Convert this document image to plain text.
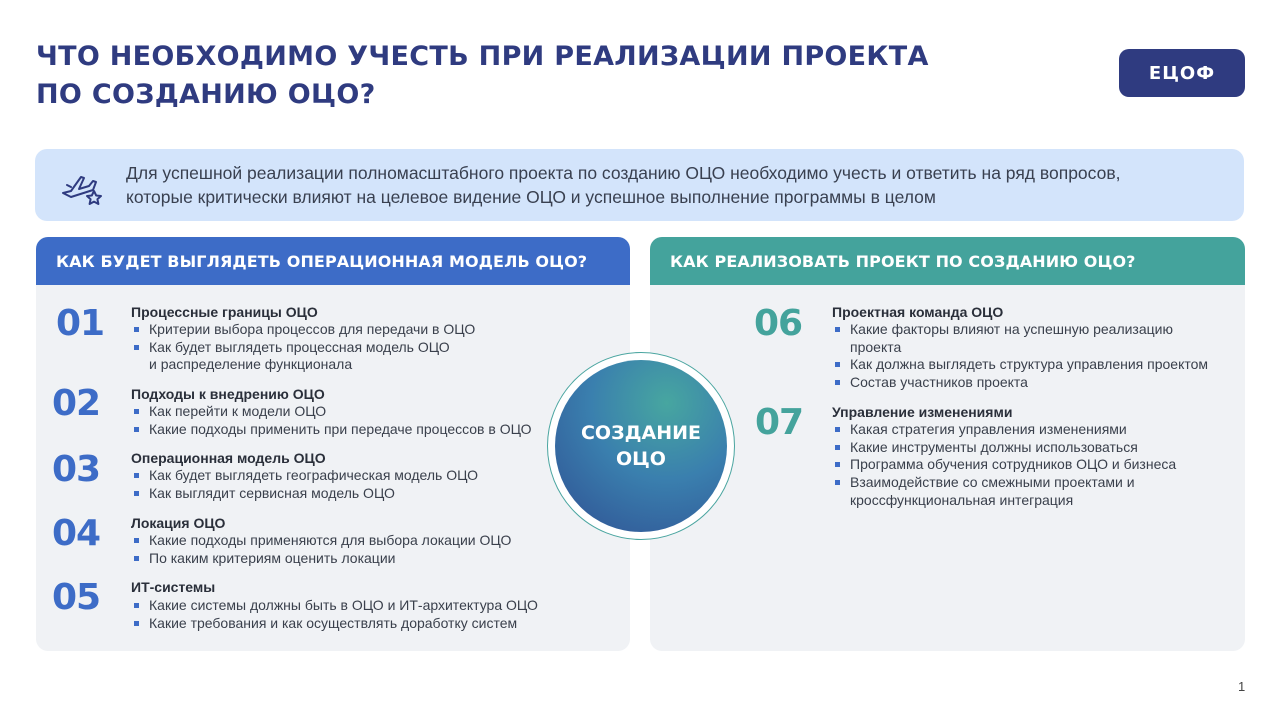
ЧТО НЕОБХОДИМО УЧЕСТЬ ПРИ РЕАЛИЗАЦИИ ПРОЕКТА
ПО СОЗДАНИЮ ОЦО?
ЕЦОФ
Для успешной реализации полномасштабного проекта по созданию ОЦО необходимо учесть и ответить на ряд вопросов,
которые критически влияют на целевое видение ОЦО и успешное выполнение программы в целом
КАК БУДЕТ ВЫГЛЯДЕТЬ ОПЕРАЦИОННАЯ МОДЕЛЬ ОЦО?
01 Процессные границы ОЦО
Критерии выбора процессов для передачи в ОЦО
Как будет выглядеть процессная модель ОЦО
и распределение функционала
02 Подходы к внедрению ОЦО
Как перейти к модели ОЦО
Какие подходы применить при передаче процессов в ОЦО
03 Операционная модель ОЦО
Как будет выглядеть географическая модель ОЦО
Как выглядит сервисная модель ОЦО
04 Локация ОЦО
Какие подходы применяются для выбора локации ОЦО
По каким критериям оценить локации
05 ИТ-системы
Какие системы должны быть в ОЦО и ИТ-архитектура ОЦО
Какие требования и как осуществлять доработку систем
КАК РЕАЛИЗОВАТЬ ПРОЕКТ ПО СОЗДАНИЮ ОЦО?
06 Проектная команда ОЦО
Какие факторы влияют на успешную реализацию
проекта
Как должна выглядеть структура управления проектом
Состав участников проекта
07 Управление изменениями
Какая стратегия управления изменениями
Какие инструменты должны использоваться
Программа обучения сотрудников ОЦО и бизнеса
Взаимодействие со смежными проектами и
кроссфункциональная интеграция
СОЗДАНИЕ
ОЦО
1
